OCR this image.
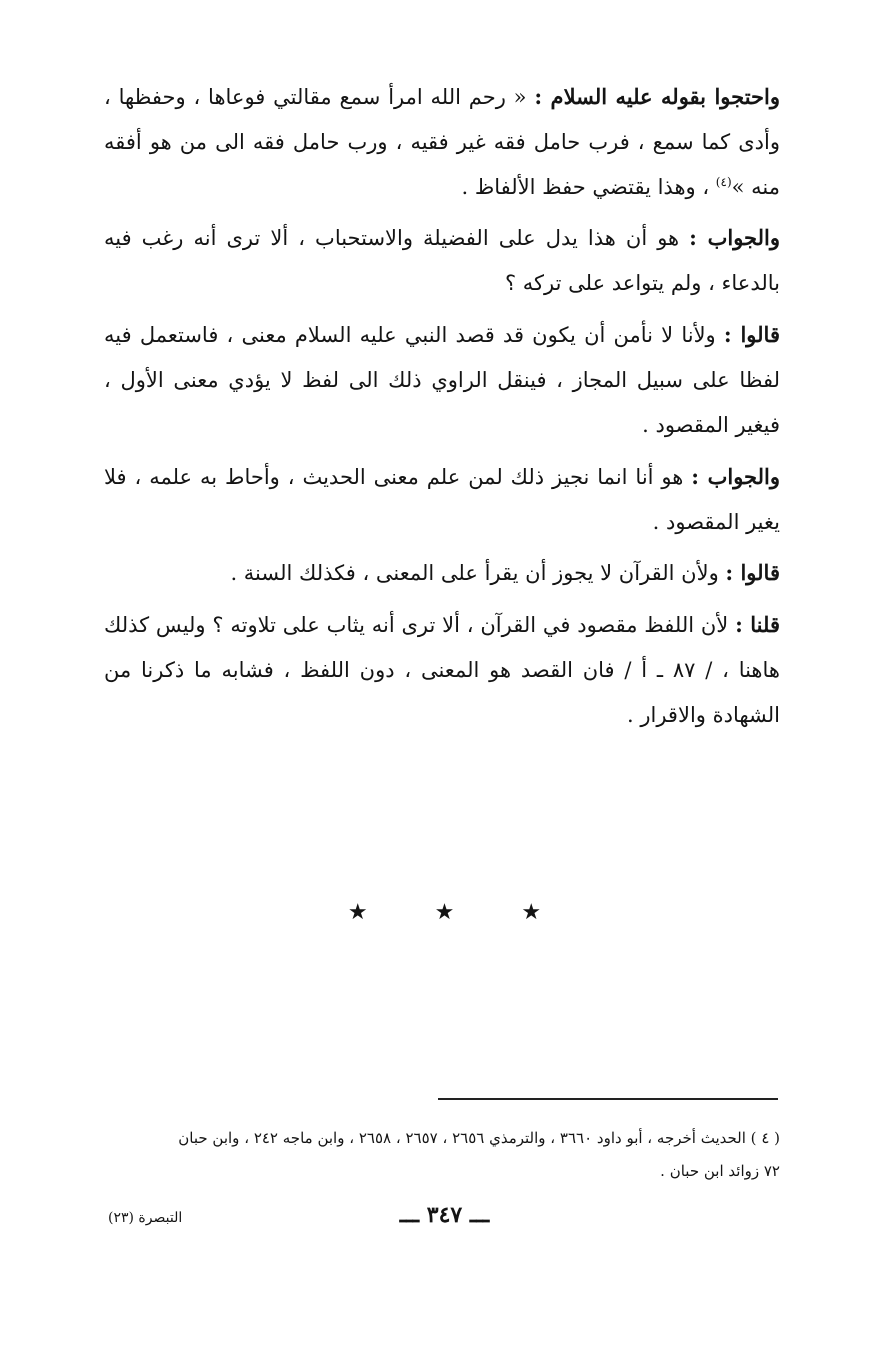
واحتجوا بقوله عليه السلام : « رحم الله امرأ سمع مقالتي فوعاها ، وحفظها ، وأدى كما سمع ، فرب حامل فقه غير فقيه ، ورب حامل فقه الى من هو أفقه منه »$^{(٤)}$ ، وهذا يقتضي حفظ الألفاظ .

والجواب : هو أن هذا يدل على الفضيلة والاستحباب ، ألا ترى أنه رغب فيه بالدعاء ، ولم يتواعد على تركه ؟

قالوا : ولأنا لا نأمن أن يكون قد قصد النبي عليه السلام معنى ، فاستعمل فيه لفظا على سبيل المجاز ، فينقل الراوي ذلك الى لفظ لا يؤدي معنى الأول ، فيغير المقصود .

والجواب : هو أنا انما نجيز ذلك لمن علم معنى الحديث ، وأحاط به علمه ، فلا يغير المقصود .

قالوا : ولأن القرآن لا يجوز أن يقرأ على المعنى ، فكذلك السنة .

قلنا : لأن اللفظ مقصود في القرآن ، ألا ترى أنه يثاب على تلاوته ؟ وليس كذلك هاهنا ، / ٨٧ ـ أ / فان القصد هو المعنى ، دون اللفظ ، فشابه ما ذكرنا من الشهادة والاقرار .

★ ★ ★
( ٤ ) الحديث أخرجه ، أبو داود ٣٦٦٠ ، والترمذي ٢٦٥٦ ، ٢٦٥٧ ، ٢٦٥٨ ، وابن ماجه ٢٤٢ ، وابن حبان
٧٢ زوائد ابن حبان .
ـــ ٣٤٧ ـــ
التبصرة (٢٣)
